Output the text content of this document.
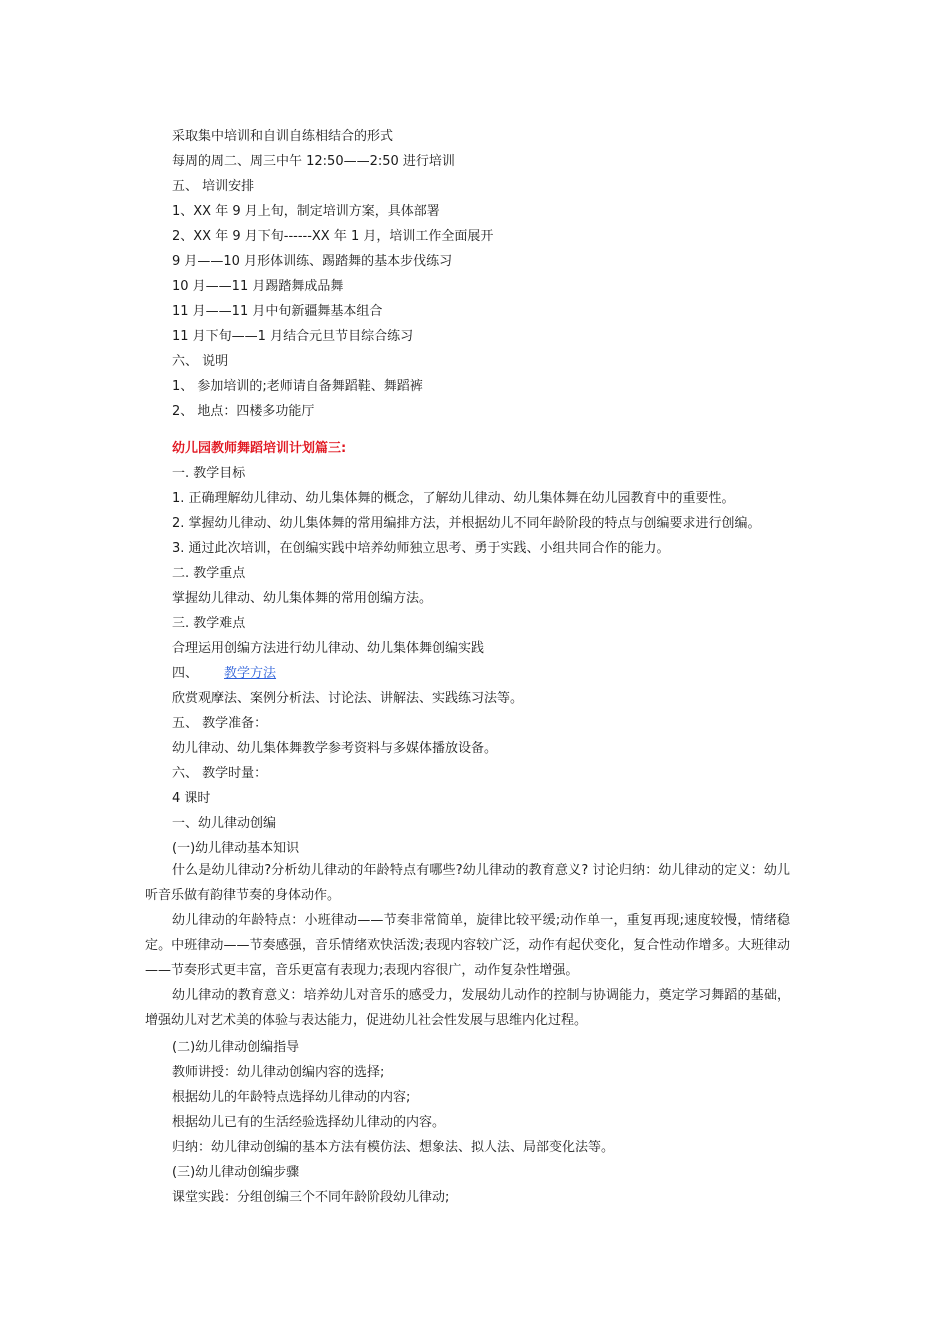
采取集中培训和自训自练相结合的形式
每周的周二、周三中午 12:50——2:50 进行培训
五、 培训安排
1、XX 年 9 月上旬，制定培训方案，具体部署
2、XX 年 9 月下旬------XX 年 1 月，培训工作全面展开
9 月——10 月形体训练、踢踏舞的基本步伐练习
10 月——11 月踢踏舞成品舞
11 月——11 月中旬新疆舞基本组合
11 月下旬——1 月结合元旦节目综合练习
六、 说明
1、 参加培训的;老师请自备舞蹈鞋、舞蹈裤
2、 地点：四楼多功能厅
幼儿园教师舞蹈培训计划篇三:
一. 教学目标
1. 正确理解幼儿律动、幼儿集体舞的概念，了解幼儿律动、幼儿集体舞在幼儿园教育中的重要性。
2. 掌握幼儿律动、幼儿集体舞的常用编排方法，并根据幼儿不同年龄阶段的特点与创编要求进行创编。
3. 通过此次培训，在创编实践中培养幼师独立思考、勇于实践、小组共同合作的能力。
二. 教学重点
掌握幼儿律动、幼儿集体舞的常用创编方法。
三. 教学难点
合理运用创编方法进行幼儿律动、幼儿集体舞创编实践
四、 教学方法
欣赏观摩法、案例分析法、讨论法、讲解法、实践练习法等。
五、 教学准备：
幼儿律动、幼儿集体舞教学参考资料与多媒体播放设备。
六、 教学时量：
4 课时
一、幼儿律动创编
(一)幼儿律动基本知识
什么是幼儿律动?分析幼儿律动的年龄特点有哪些?幼儿律动的教育意义? 讨论归纳：幼儿律动的定义：幼儿听音乐做有韵律节奏的身体动作。
幼儿律动的年龄特点：小班律动——节奏非常简单，旋律比较平缓;动作单一，重复再现;速度较慢，情绪稳定。中班律动——节奏感强，音乐情绪欢快活泼;表现内容较广泛，动作有起伏变化，复合性动作增多。大班律动——节奏形式更丰富，音乐更富有表现力;表现内容很广，动作复杂性增强。
幼儿律动的教育意义：培养幼儿对音乐的感受力，发展幼儿动作的控制与协调能力，奠定学习舞蹈的基础，增强幼儿对艺术美的体验与表达能力，促进幼儿社会性发展与思维内化过程。
(二)幼儿律动创编指导
教师讲授：幼儿律动创编内容的选择;
根据幼儿的年龄特点选择幼儿律动的内容;
根据幼儿已有的生活经验选择幼儿律动的内容。
归纳：幼儿律动创编的基本方法有模仿法、想象法、拟人法、局部变化法等。
(三)幼儿律动创编步骤
课堂实践：分组创编三个不同年龄阶段幼儿律动;
